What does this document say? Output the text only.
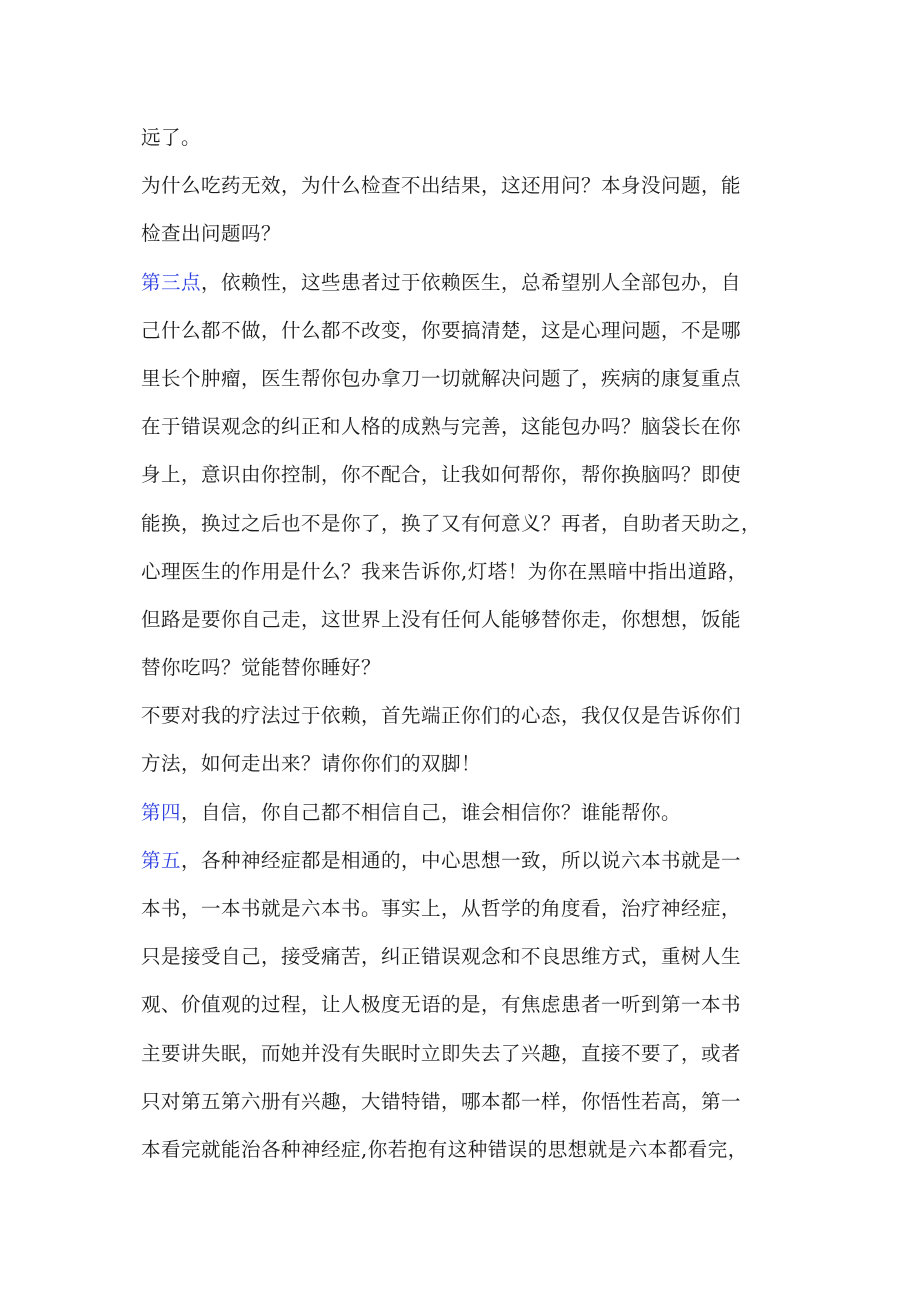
远了。
为什么吃药无效，为什么检查不出结果，这还用问？本身没问题，能
检查出问题吗？
第三点，依赖性，这些患者过于依赖医生，总希望别人全部包办，自
己什么都不做，什么都不改变，你要搞清楚，这是心理问题，不是哪
里长个肿瘤，医生帮你包办拿刀一切就解决问题了，疾病的康复重点
在于错误观念的纠正和人格的成熟与完善，这能包办吗？脑袋长在你
身上，意识由你控制，你不配合，让我如何帮你，帮你换脑吗？即使
能换，换过之后也不是你了，换了又有何意义？再者，自助者天助之，
心理医生的作用是什么？我来告诉你,灯塔！为你在黑暗中指出道路，
但路是要你自己走，这世界上没有任何人能够替你走，你想想，饭能
替你吃吗？觉能替你睡好？
不要对我的疗法过于依赖，首先端正你们的心态，我仅仅是告诉你们
方法，如何走出来？请你你们的双脚！
第四，自信，你自己都不相信自己，谁会相信你？谁能帮你。
第五，各种神经症都是相通的，中心思想一致，所以说六本书就是一
本书，一本书就是六本书。事实上，从哲学的角度看，治疗神经症，
只是接受自己，接受痛苦，纠正错误观念和不良思维方式，重树人生
观、价值观的过程，让人极度无语的是，有焦虑患者一听到第一本书
主要讲失眠，而她并没有失眠时立即失去了兴趣，直接不要了，或者
只对第五第六册有兴趣，大错特错，哪本都一样，你悟性若高，第一
本看完就能治各种神经症,你若抱有这种错误的思想就是六本都看完，
